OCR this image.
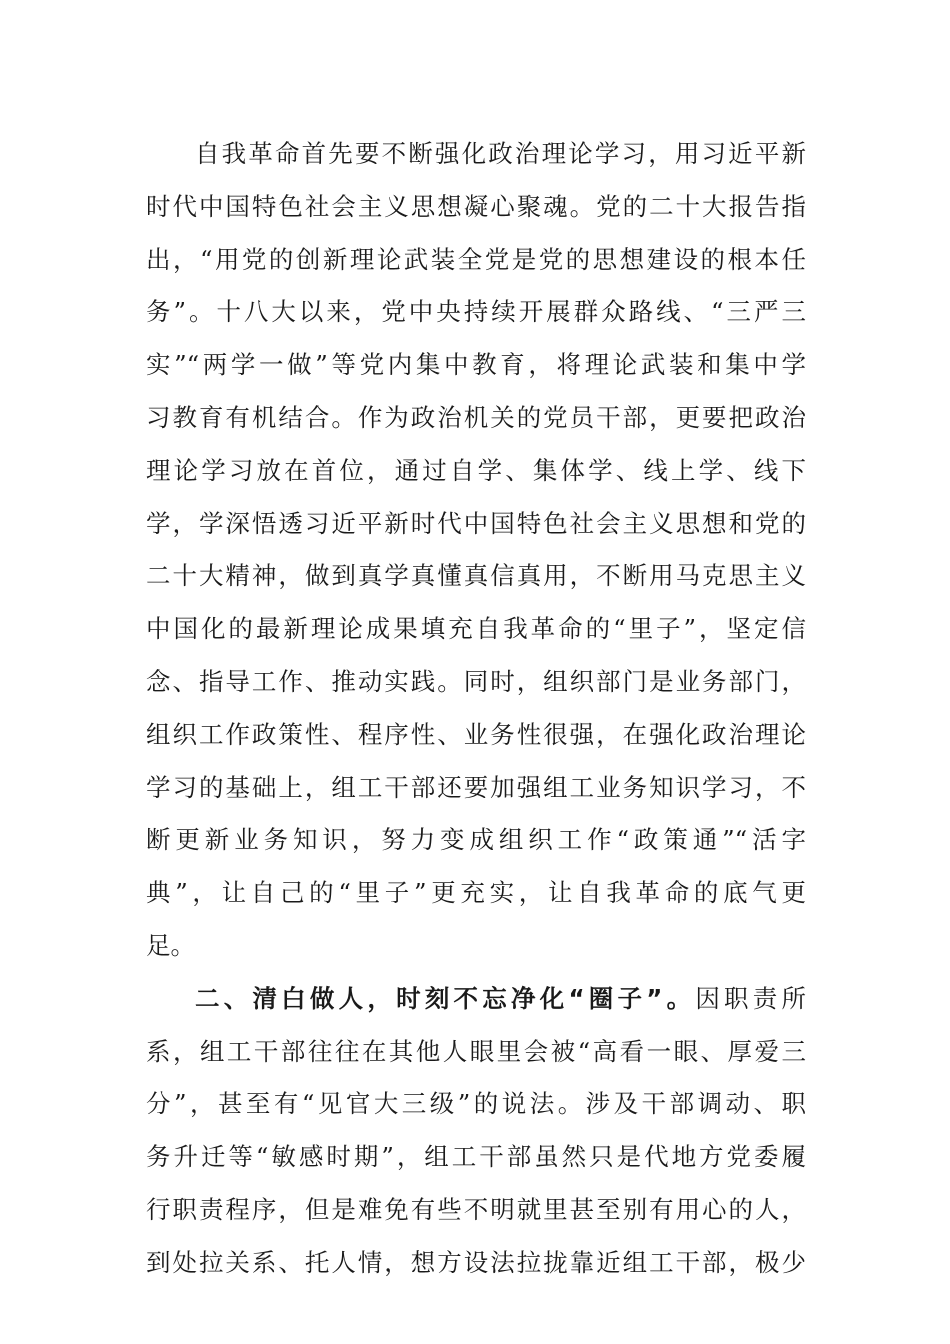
自我革命首先要不断强化政治理论学习，用习近平新
时代中国特色社会主义思想凝心聚魂。党的二十大报告指
出，“用党的创新理论武装全党是党的思想建设的根本任
务”。十八大以来，党中央持续开展群众路线、“三严三
实”“两学一做”等党内集中教育，将理论武装和集中学
习教育有机结合。作为政治机关的党员干部，更要把政治
理论学习放在首位，通过自学、集体学、线上学、线下
学，学深悟透习近平新时代中国特色社会主义思想和党的
二十大精神，做到真学真懂真信真用，不断用马克思主义
中国化的最新理论成果填充自我革命的“里子”，坚定信
念、指导工作、推动实践。同时，组织部门是业务部门，
组织工作政策性、程序性、业务性很强，在强化政治理论
学习的基础上，组工干部还要加强组工业务知识学习，不
断更新业务知识，努力变成组织工作“政策通”“活字
典”，让自己的“里子”更充实，让自我革命的底气更
足。
二、清白做人，时刻不忘净化“圈子”。因职责所
系，组工干部往往在其他人眼里会被“高看一眼、厚爱三
分”，甚至有“见官大三级”的说法。涉及干部调动、职
务升迁等“敏感时期”，组工干部虽然只是代地方党委履
行职责程序，但是难免有些不明就里甚至别有用心的人，
到处拉关系、托人情，想方设法拉拢靠近组工干部，极少
